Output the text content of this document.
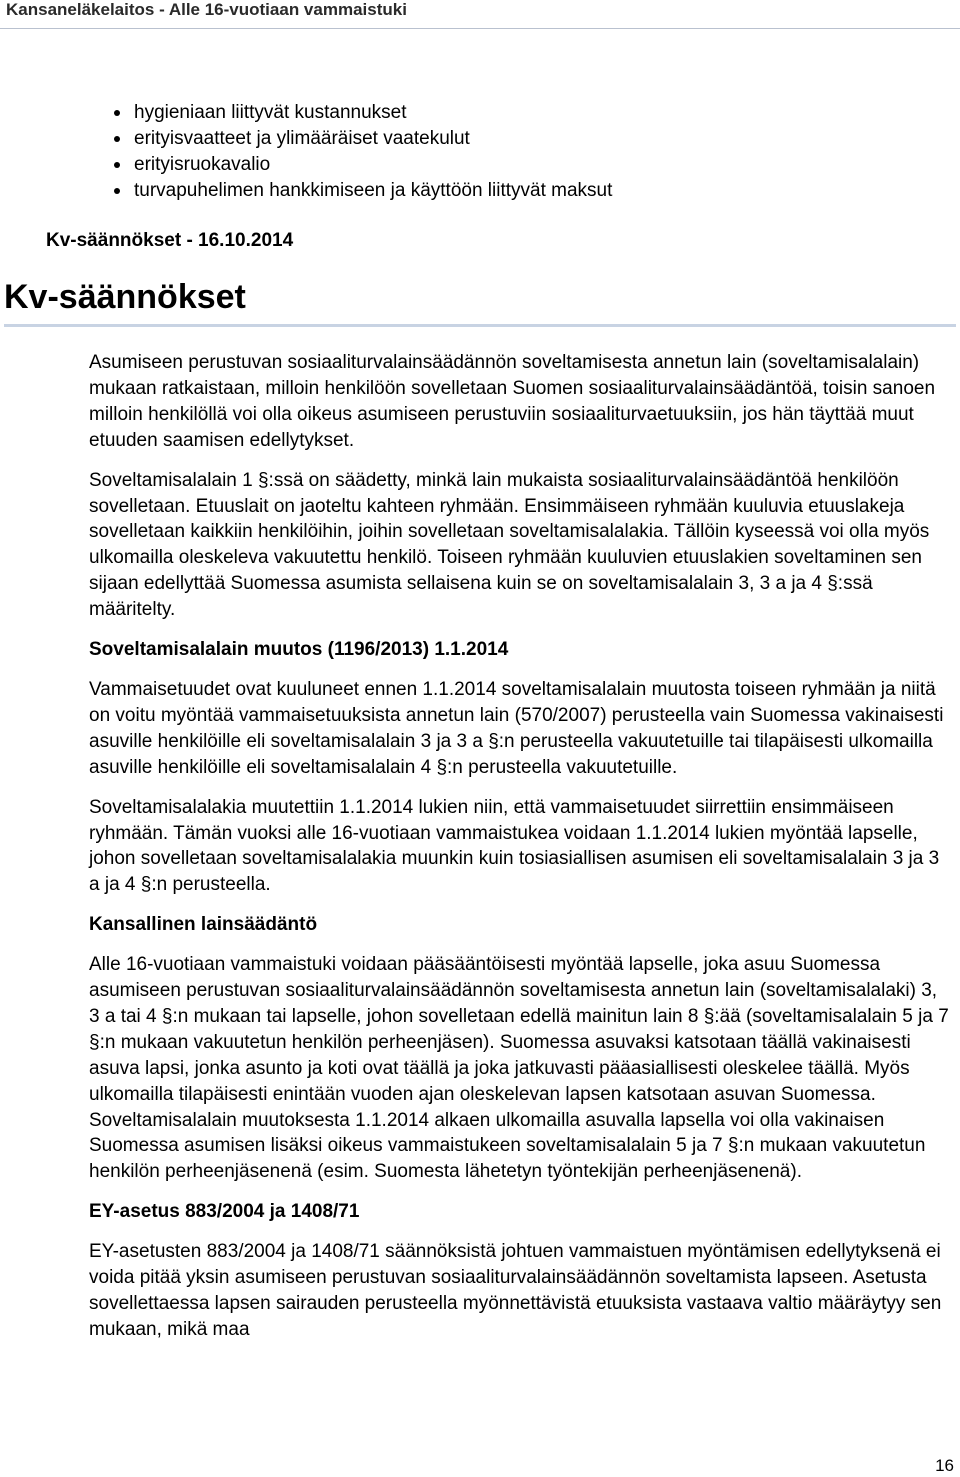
Kansaneläkelaitos - Alle 16-vuotiaan vammaistuki
hygieniaan liittyvät kustannukset
erityisvaatteet ja ylimääräiset vaatekulut
erityisruokavalio
turvapuhelimen hankkimiseen ja käyttöön liittyvät maksut
Kv-säännökset - 16.10.2014
Kv-säännökset

Asumiseen perustuvan sosiaaliturvalainsäädännön soveltamisesta annetun lain (soveltamisalalain) mukaan ratkaistaan, milloin henkilöön sovelletaan Suomen sosiaaliturvalainsäädäntöä, toisin sanoen milloin henkilöllä voi olla oikeus asumiseen perustuviin sosiaaliturvaetuuksiin, jos hän täyttää muut etuuden saamisen edellytykset.

Soveltamisalalain 1 §:ssä on säädetty, minkä lain mukaista sosiaaliturvalainsäädäntöä henkilöön sovelletaan. Etuuslait on jaoteltu kahteen ryhmään. Ensimmäiseen ryhmään kuuluvia etuuslakeja sovelletaan kaikkiin henkilöihin, joihin sovelletaan soveltamisalalakia. Tällöin kyseessä voi olla myös ulkomailla oleskeleva vakuutettu henkilö. Toiseen ryhmään kuuluvien etuuslakien soveltaminen sen sijaan edellyttää Suomessa asumista sellaisena kuin se on soveltamisalalain 3, 3 a ja 4 §:ssä määritelty.

Soveltamisalalain muutos (1196/2013) 1.1.2014

Vammaisetuudet ovat kuuluneet ennen 1.1.2014 soveltamisalalain muutosta toiseen ryhmään ja niitä on voitu myöntää vammaisetuuksista annetun lain (570/2007) perusteella vain Suomessa vakinaisesti asuville henkilöille eli soveltamisalalain 3 ja 3 a §:n perusteella vakuutetuille tai tilapäisesti ulkomailla asuville henkilöille eli soveltamisalalain 4 §:n perusteella vakuutetuille.

Soveltamisalalakia muutettiin 1.1.2014 lukien niin, että vammaisetuudet siirrettiin ensimmäiseen ryhmään. Tämän vuoksi alle 16-vuotiaan vammaistukea voidaan 1.1.2014 lukien myöntää lapselle, johon sovelletaan soveltamisalalakia muunkin kuin tosiasiallisen asumisen eli soveltamisalalain 3 ja 3 a ja 4 §:n perusteella.

Kansallinen lainsäädäntö

Alle 16-vuotiaan vammaistuki voidaan pääsääntöisesti myöntää lapselle, joka asuu Suomessa asumiseen perustuvan sosiaaliturvalainsäädännön soveltamisesta annetun lain (soveltamisalalaki) 3, 3 a tai 4 §:n mukaan tai lapselle, johon sovelletaan edellä mainitun lain 8 §:ää (soveltamisalalain 5 ja 7 §:n mukaan vakuutetun henkilön perheenjäsen). Suomessa asuvaksi katsotaan täällä vakinaisesti asuva lapsi, jonka asunto ja koti ovat täällä ja joka jatkuvasti pääasiallisesti oleskelee täällä. Myös ulkomailla tilapäisesti enintään vuoden ajan oleskelevan lapsen katsotaan asuvan Suomessa. Soveltamisalalain muutoksesta 1.1.2014 alkaen ulkomailla asuvalla lapsella voi olla vakinaisen Suomessa asumisen lisäksi oikeus vammaistukeen soveltamisalalain 5 ja 7 §:n mukaan vakuutetun henkilön perheenjäsenenä (esim. Suomesta lähetetyn työntekijän perheenjäsenenä).

EY-asetus 883/2004 ja 1408/71

EY-asetusten 883/2004 ja 1408/71 säännöksistä johtuen vammaistuen myöntämisen edellytyksenä ei voida pitää yksin asumiseen perustuvan sosiaaliturvalainsäädännön soveltamista lapseen. Asetusta sovellettaessa lapsen sairauden perusteella myönnettävistä etuuksista vastaava valtio määräytyy sen mukaan, mikä maa

16
